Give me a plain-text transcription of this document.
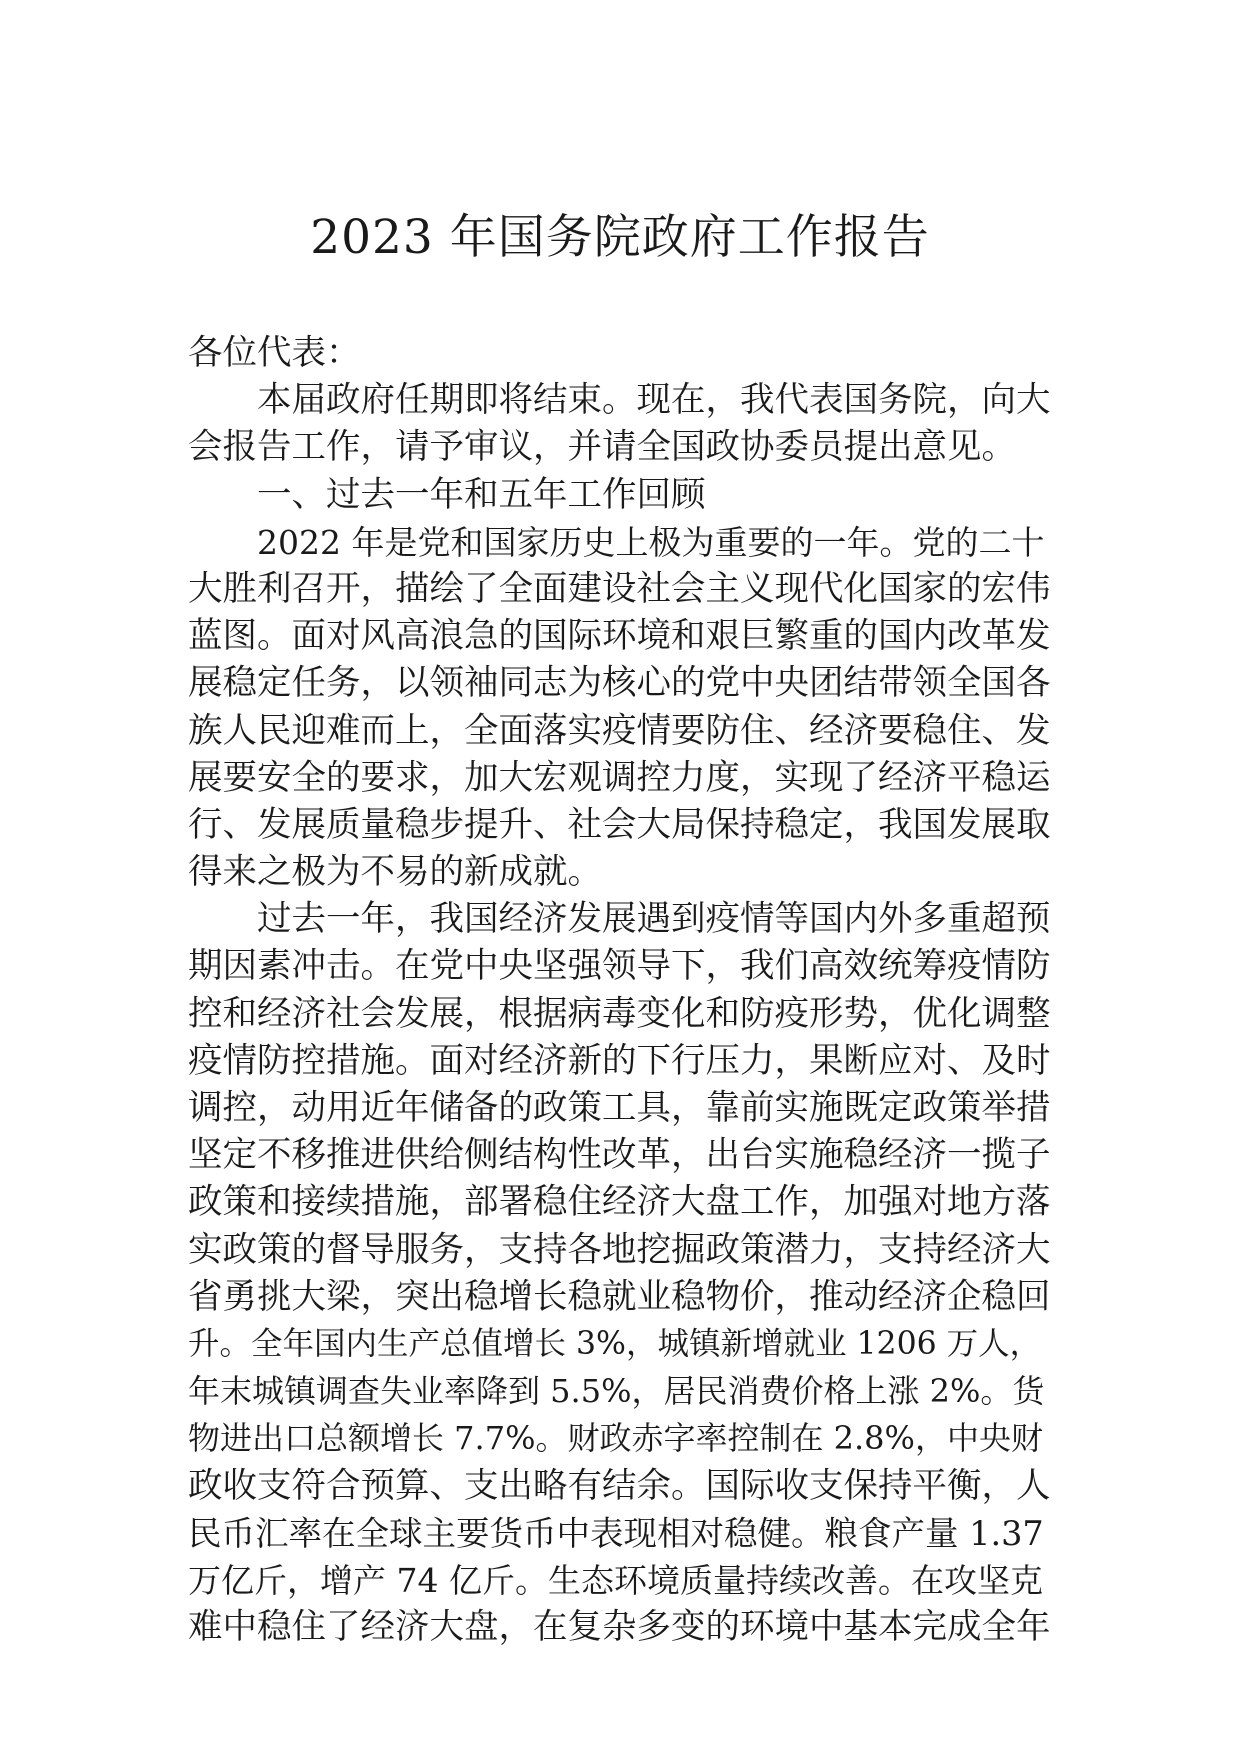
2023 年国务院政府工作报告
各位代表：
本届政府任期即将结束。现在，我代表国务院，向大
会报告工作，请予审议，并请全国政协委员提出意见。
一、过去一年和五年工作回顾
2022 年是党和国家历史上极为重要的一年。党的二十
大胜利召开，描绘了全面建设社会主义现代化国家的宏伟
蓝图。面对风高浪急的国际环境和艰巨繁重的国内改革发
展稳定任务，以领袖同志为核心的党中央团结带领全国各
族人民迎难而上，全面落实疫情要防住、经济要稳住、发
展要安全的要求，加大宏观调控力度，实现了经济平稳运
行、发展质量稳步提升、社会大局保持稳定，我国发展取
得来之极为不易的新成就。
过去一年，我国经济发展遇到疫情等国内外多重超预
期因素冲击。在党中央坚强领导下，我们高效统筹疫情防
控和经济社会发展，根据病毒变化和防疫形势，优化调整
疫情防控措施。面对经济新的下行压力，果断应对、及时
调控，动用近年储备的政策工具，靠前实施既定政策举措
坚定不移推进供给侧结构性改革，出台实施稳经济一揽子
政策和接续措施，部署稳住经济大盘工作，加强对地方落
实政策的督导服务，支持各地挖掘政策潜力，支持经济大
省勇挑大梁，突出稳增长稳就业稳物价，推动经济企稳回
升。全年国内生产总值增长 3%，城镇新增就业 1206 万人，
年末城镇调查失业率降到 5.5%，居民消费价格上涨 2%。货
物进出口总额增长 7.7%。财政赤字率控制在 2.8%，中央财
政收支符合预算、支出略有结余。国际收支保持平衡，人
民币汇率在全球主要货币中表现相对稳健。粮食产量 1.37
万亿斤，增产 74 亿斤。生态环境质量持续改善。在攻坚克
难中稳住了经济大盘，在复杂多变的环境中基本完成全年
